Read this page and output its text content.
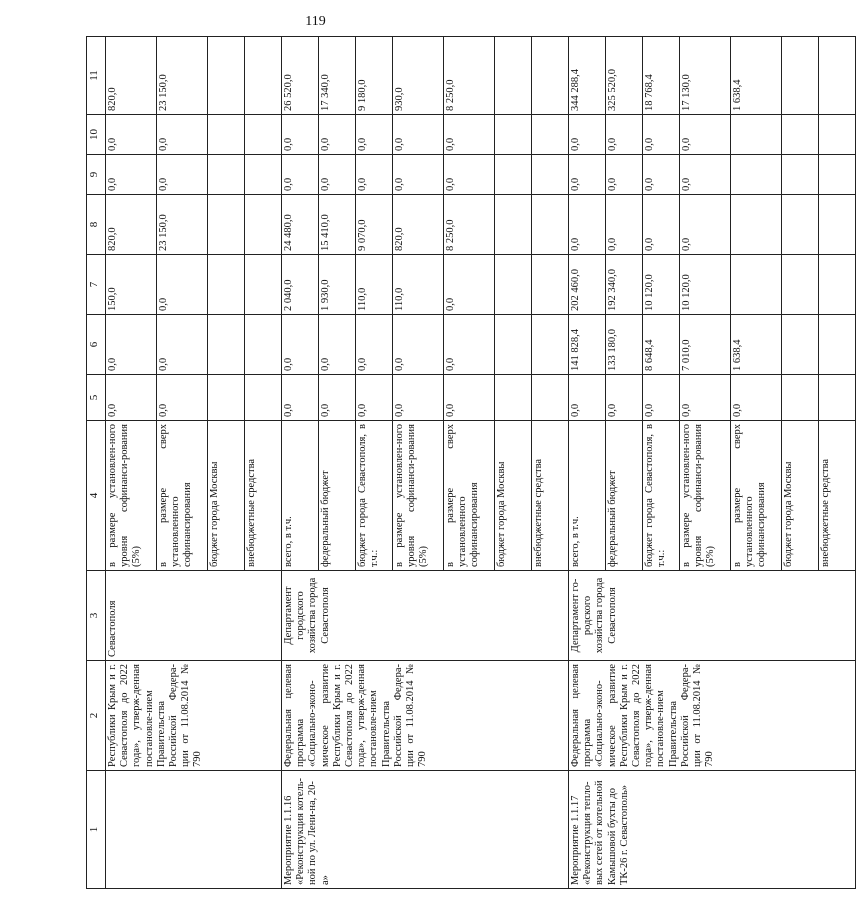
119
1	2	3	4	5	6	7	8	9	10	11
	Республики Крым и г. Севастополя до 2022 года», утверж-денная постановле-нием Правительства Российской Федера-ции от 11.08.2014 № 790	Севастополя	в размере установлен-ного уровня софинанси-рования (5%)	0,0	0,0	150,0	820,0	0,0	0,0	820,0
			в размере сверх установленного софинансирования	0,0	0,0	0,0	23 150,0	0,0	0,0	23 150,0
			бюджет города Москвы							
			внебюджетные средства							
Мероприятие 1.1.16 «Реконструкция котель-ной по ул. Лени-на, 20-а»	Федеральная целевая программа «Социально-эконо-мическое развитие Республики Крым и г. Севастополя до 2022 года», утверж-денная постановле-нием Правительства Российской Федера-ции от 11.08.2014 № 790	Департамент городского хозяйства города Севастополя	всего, в т.ч.	0,0	0,0	2 040,0	24 480,0	0,0	0,0	26 520,0
			федеральный бюджет	0,0	0,0	1 930,0	15 410,0	0,0	0,0	17 340,0
			бюджет города Севастополя, в т.ч.:	0,0	0,0	110,0	9 070,0	0,0	0,0	9 180,0
			в размере установлен-ного уровня софинанси-рования (5%)	0,0	0,0	110,0	820,0	0,0	0,0	930,0
			в размере сверх установленного софинансирования	0,0	0,0	0,0	8 250,0	0,0	0,0	8 250,0
			бюджет города Москвы							
			внебюджетные средства							
Мероприятие 1.1.17 «Реконструкция тепло-вых сетей от котельной Камышовой бухты до ТК-26 г. Севастополь»	Федеральная целевая программа «Социально-эконо-мическое развитие Республики Крым и г. Севастополя до 2022 года», утверж-денная постановле-нием Правительства Российской Федера-ции от 11.08.2014 № 790	Департамент го-родского хозяйства города Севастополя	всего, в т.ч.	0,0	141 828,4	202 460,0	0,0	0,0	0,0	344 288,4
			федеральный бюджет	0,0	133 180,0	192 340,0	0,0	0,0	0,0	325 520,0
			бюджет города Севастополя, в т.ч.:	0,0	8 648,4	10 120,0	0,0	0,0	0,0	18 768,4
			в размере установлен-ного уровня софинанси-рования (5%)	0,0	7 010,0	10 120,0	0,0	0,0	0,0	17 130,0
			в размере сверх установленного софинансирования	0,0	1 638,4					1 638,4
			бюджет города Москвы							
			внебюджетные средства							
